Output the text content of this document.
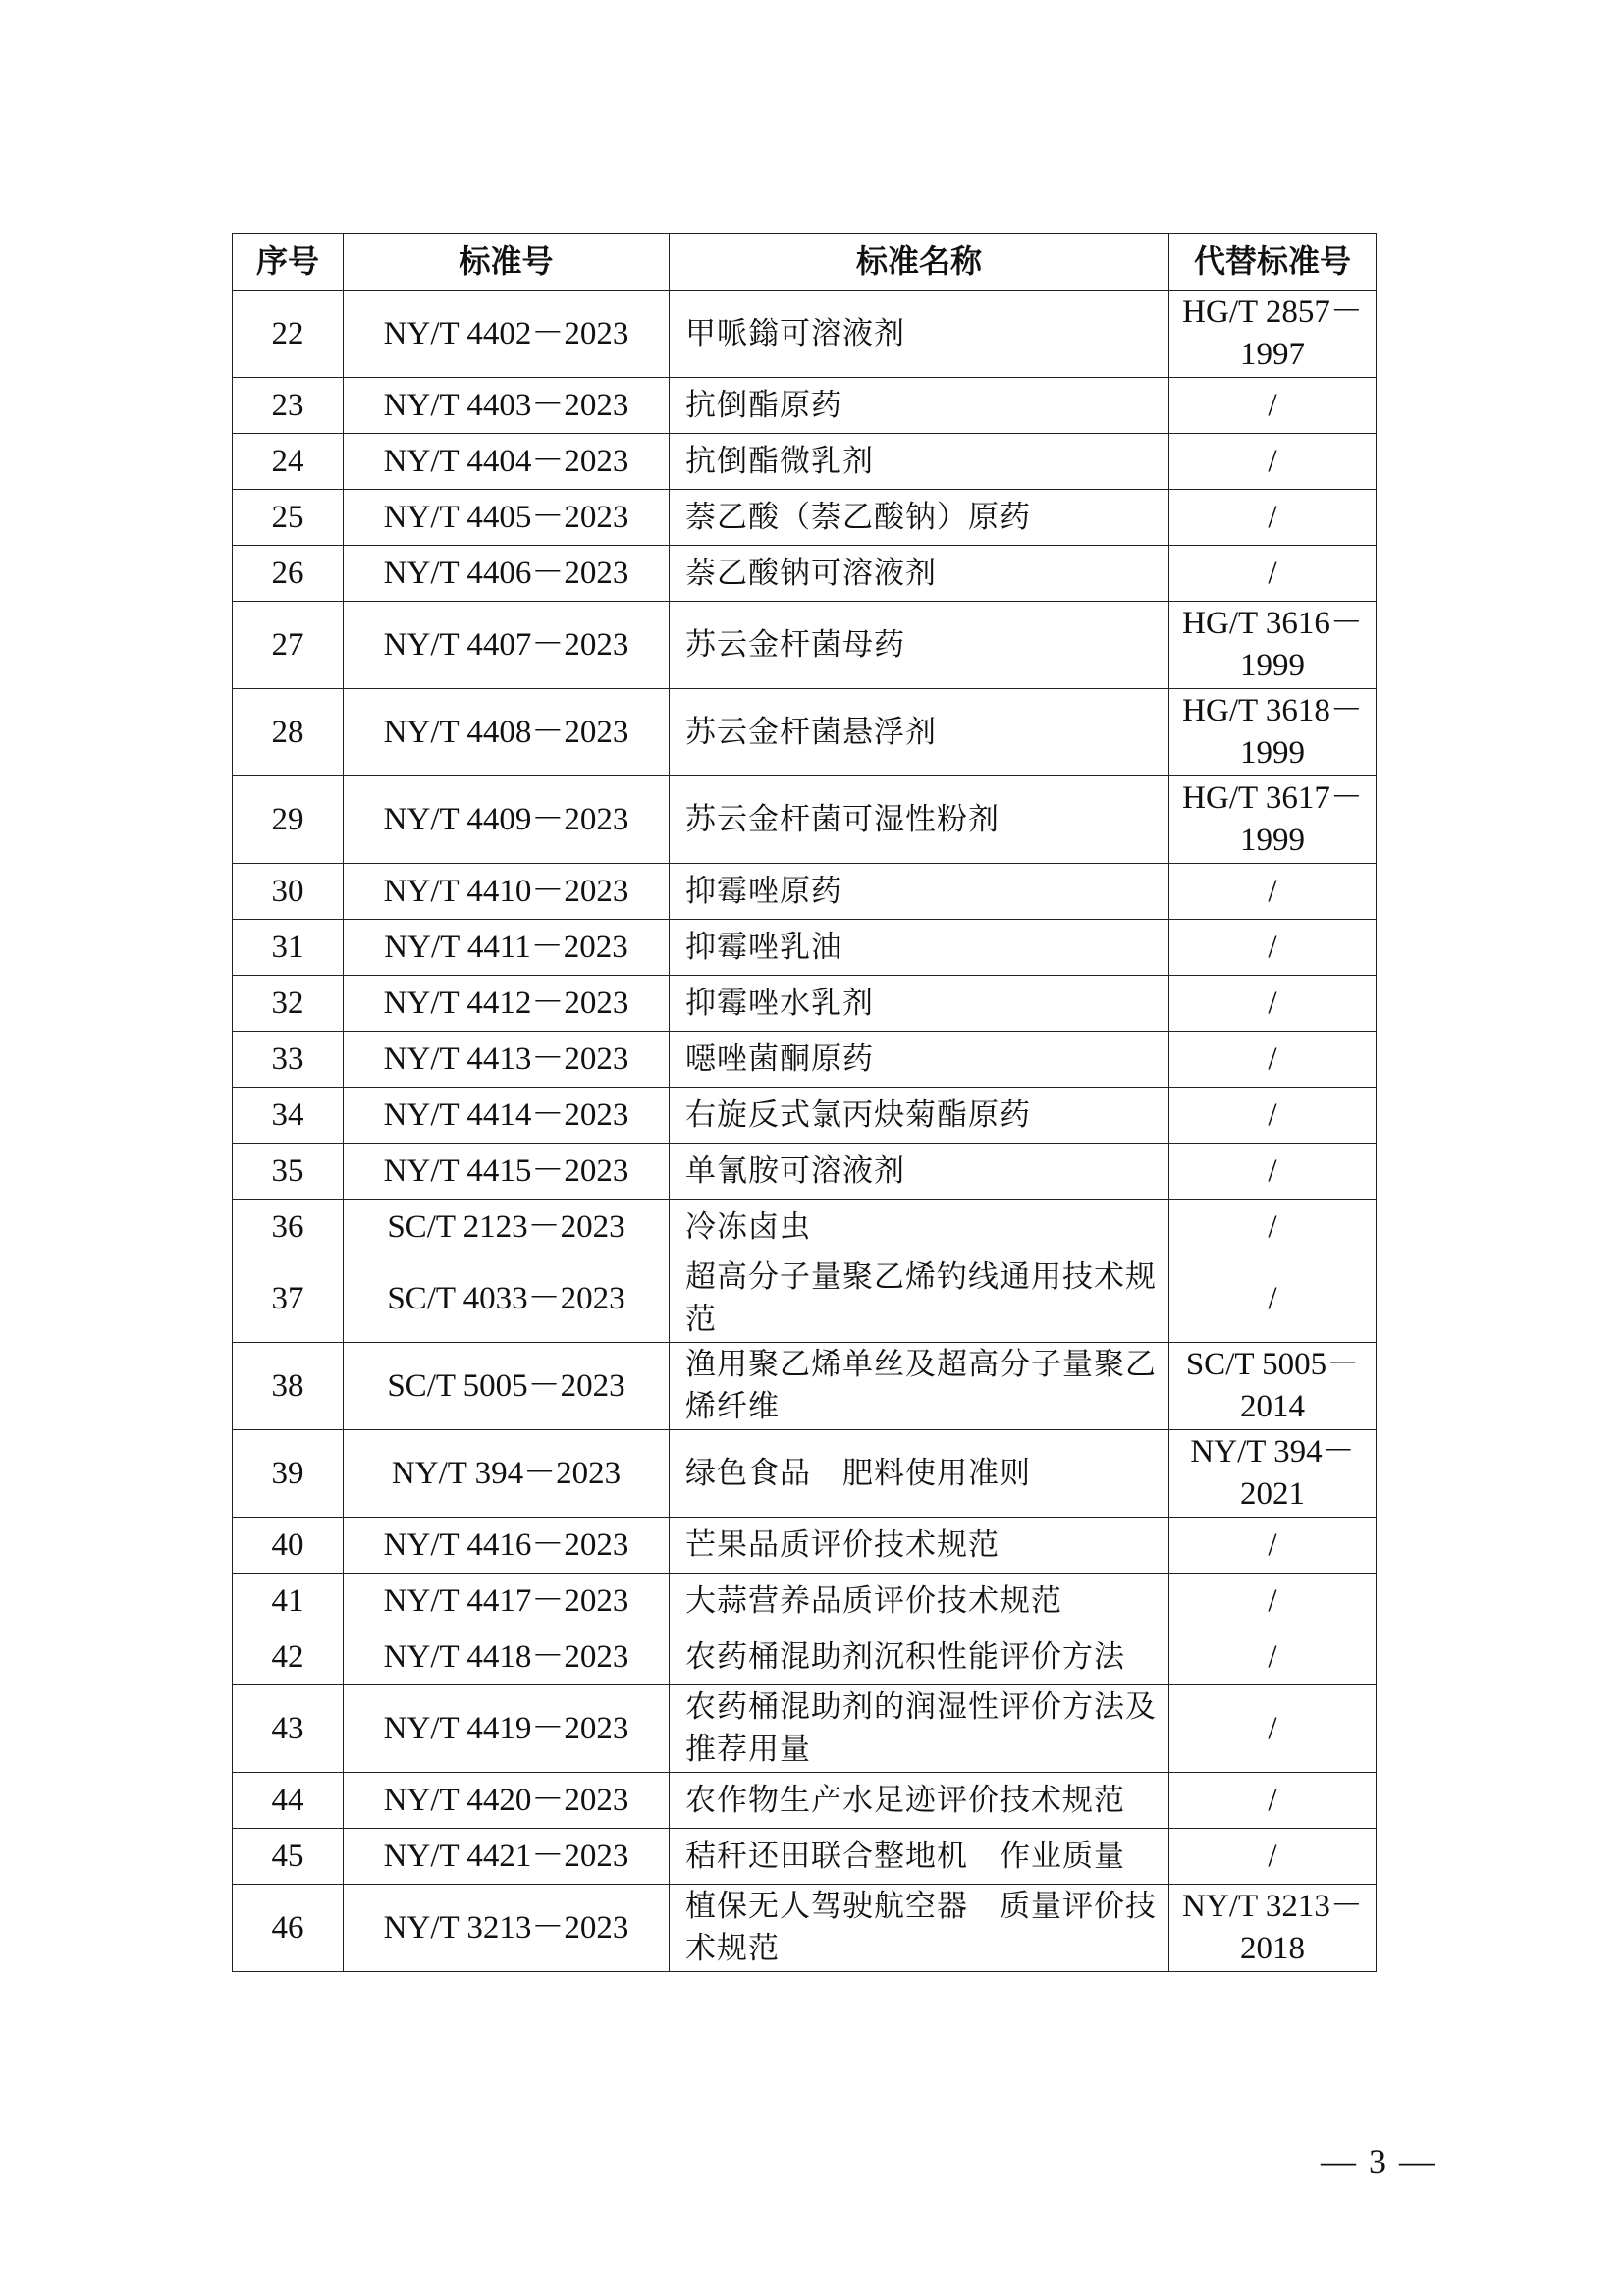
序号	标准号	标准名称	代替标准号
22	NY/T 4402－2023	甲哌鎓可溶液剂	HG/T 2857－1997
23	NY/T 4403－2023	抗倒酯原药	/
24	NY/T 4404－2023	抗倒酯微乳剂	/
25	NY/T 4405－2023	萘乙酸（萘乙酸钠）原药	/
26	NY/T 4406－2023	萘乙酸钠可溶液剂	/
27	NY/T 4407－2023	苏云金杆菌母药	HG/T 3616－1999
28	NY/T 4408－2023	苏云金杆菌悬浮剂	HG/T 3618－1999
29	NY/T 4409－2023	苏云金杆菌可湿性粉剂	HG/T 3617－1999
30	NY/T 4410－2023	抑霉唑原药	/
31	NY/T 4411－2023	抑霉唑乳油	/
32	NY/T 4412－2023	抑霉唑水乳剂	/
33	NY/T 4413－2023	噁唑菌酮原药	/
34	NY/T 4414－2023	右旋反式氯丙炔菊酯原药	/
35	NY/T 4415－2023	单氰胺可溶液剂	/
36	SC/T 2123－2023	冷冻卤虫	/
37	SC/T 4033－2023	超高分子量聚乙烯钓线通用技术规范	/
38	SC/T 5005－2023	渔用聚乙烯单丝及超高分子量聚乙烯纤维	SC/T 5005－2014
39	NY/T 394－2023	绿色食品　肥料使用准则	NY/T 394－2021
40	NY/T 4416－2023	芒果品质评价技术规范	/
41	NY/T 4417－2023	大蒜营养品质评价技术规范	/
42	NY/T 4418－2023	农药桶混助剂沉积性能评价方法	/
43	NY/T 4419－2023	农药桶混助剂的润湿性评价方法及推荐用量	/
44	NY/T 4420－2023	农作物生产水足迹评价技术规范	/
45	NY/T 4421－2023	秸秆还田联合整地机　作业质量	/
46	NY/T 3213－2023	植保无人驾驶航空器　质量评价技术规范	NY/T 3213－2018
— 3 —
